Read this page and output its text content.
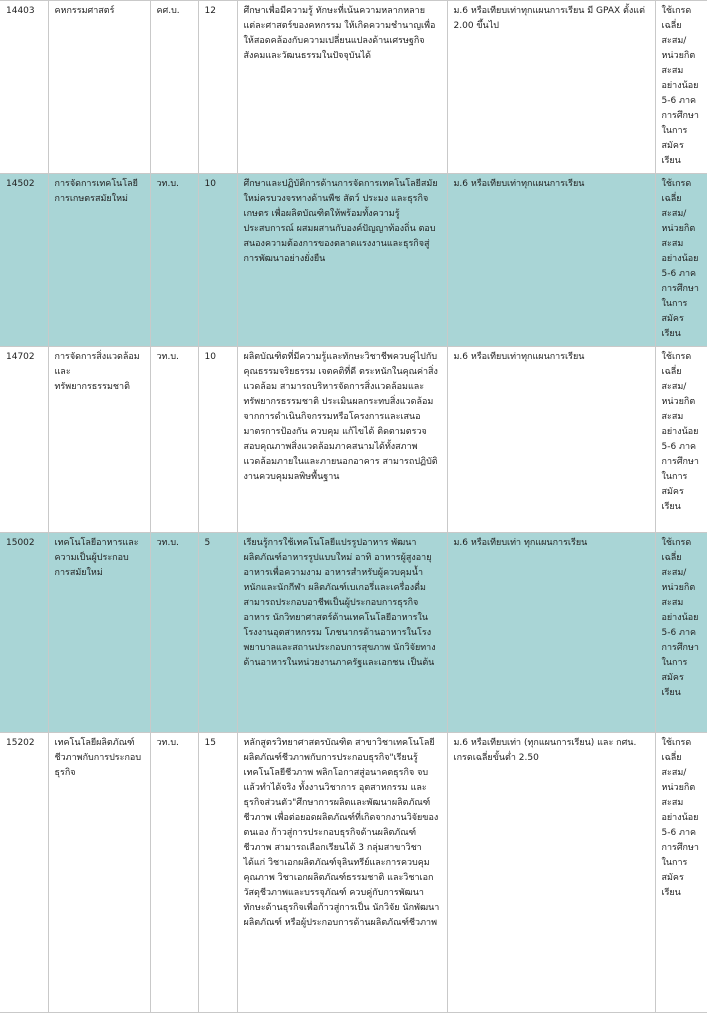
14403	คหกรรมศาสตร์	คศ.บ.	12	ศึกษาเพื่อมีความรู้ ทักษะที่เน้นความหลากหลายแต่ละศาสตร์ของคหกรรม ให้เกิดความชำนาญเพื่อให้สอดคล้องกับความเปลี่ยนแปลงด้านเศรษฐกิจ สังคมและวัฒนธรรมในปัจจุบันได้	ม.6 หรือเทียบเท่าทุกแผนการเรียน มี GPAX ตั้งแต่ 2.00 ขึ้นไป	ใช้เกรดเฉลี่ยสะสม/หน่วยกิตสะสม อย่างน้อย 5-6 ภาคการศึกษาในการสมัครเรียน
14502	การจัดการเทคโนโลยีการเกษตรสมัยใหม่	วท.บ.	10	ศึกษาและปฏิบัติการด้านการจัดการเทคโนโลยีสมัยใหม่ครบวงจรทางด้านพืช สัตว์ ประมง และธุรกิจเกษตร เพื่อผลิตบัณฑิตให้พร้อมทั้งความรู้ ประสบการณ์ ผสมผสานกับองค์ปัญญาท้องถิ่น ตอบสนองความต้องการของตลาดแรงงานและธุรกิจสู่การพัฒนาอย่างยั่งยืน	ม.6 หรือเทียบเท่าทุกแผนการเรียน	ใช้เกรดเฉลี่ยสะสม/หน่วยกิตสะสม อย่างน้อย 5-6 ภาคการศึกษาในการสมัครเรียน
14702	การจัดการสิ่งแวดล้อมและทรัพยากรธรรมชาติ	วท.บ.	10	ผลิตบัณฑิตที่มีความรู้และทักษะวิชาชีพควบคู่ไปกับคุณธรรมจริยธรรม เจตคติที่ดี ตระหนักในคุณค่าสิ่งแวดล้อม สามารถบริหารจัดการสิ่งแวดล้อมและทรัพยากรธรรมชาติ ประเมินผลกระทบสิ่งแวดล้อมจากการดำเนินกิจกรรมหรือโครงการและเสนอมาตรการป้องกัน ควบคุม แก้ไขได้ ติดตามตรวจสอบคุณภาพสิ่งแวดล้อมภาคสนามได้ทั้งสภาพแวดล้อมภายในและภายนอกอาคาร สามารถปฏิบัติงานควบคุมมลพิษพื้นฐาน	ม.6 หรือเทียบเท่าทุกแผนการเรียน	ใช้เกรดเฉลี่ยสะสม/หน่วยกิตสะสม อย่างน้อย 5-6 ภาคการศึกษาในการสมัครเรียน
15002	เทคโนโลยีอาหารและความเป็นผู้ประกอบการสมัยใหม่	วท.บ.	5	เรียนรู้การใช้เทคโนโลยีแปรรูปอาหาร พัฒนาผลิตภัณฑ์อาหารรูปแบบใหม่ อาทิ อาหารผู้สูงอายุ อาหารเพื่อความงาม อาหารสำหรับผู้ควบคุมน้ำหนักและนักกีฬา ผลิตภัณฑ์เบเกอรี่และเครื่องดื่ม สามารถประกอบอาชีพเป็นผู้ประกอบการธุรกิจอาหาร นักวิทยาศาสตร์ด้านเทคโนโลยีอาหารในโรงงานอุตสาหกรรม โภชนากรด้านอาหารในโรงพยาบาลและสถานประกอบการสุขภาพ นักวิจัยทางด้านอาหารในหน่วยงานภาครัฐและเอกชน เป็นต้น	ม.6 หรือเทียบเท่า ทุกแผนการเรียน	ใช้เกรดเฉลี่ยสะสม/หน่วยกิตสะสม อย่างน้อย 5-6 ภาคการศึกษาในการสมัครเรียน
15202	เทคโนโลยีผลิตภัณฑ์ชีวภาพกับการประกอบธุรกิจ	วท.บ.	15	หลักสูตรวิทยาศาสตรบัณฑิต สาขาวิชาเทคโนโลยีผลิตภัณฑ์ชีวภาพกับการประกอบธุรกิจ"เรียนรู้เทคโนโลยีชีวภาพ พลิกโอกาสสู่อนาคตธุรกิจ จบแล้วทำได้จริง ทั้งงานวิชาการ อุตสาหกรรม และธุรกิจส่วนตัว"ศึกษาการผลิตและพัฒนาผลิตภัณฑ์ชีวภาพ เพื่อต่อยอดผลิตภัณฑ์ที่เกิดจากงานวิจัยของตนเอง ก้าวสู่การประกอบธุรกิจด้านผลิตภัณฑ์ชีวภาพ สามารถเลือกเรียนได้ 3 กลุ่มสาขาวิชา ได้แก่ วิชาเอกผลิตภัณฑ์จุลินทรีย์และการควบคุมคุณภาพ วิชาเอกผลิตภัณฑ์ธรรมชาติ และวิชาเอกวัสดุชีวภาพและบรรจุภัณฑ์ ควบคู่กับการพัฒนาทักษะด้านธุรกิจเพื่อก้าวสู่การเป็น นักวิจัย นักพัฒนาผลิตภัณฑ์ หรือผู้ประกอบการด้านผลิตภัณฑ์ชีวภาพ	ม.6 หรือเทียบเท่า (ทุกแผนการเรียน) และ กศน. เกรดเฉลี่ยขั้นต่ำ 2.50	ใช้เกรดเฉลี่ยสะสม/หน่วยกิตสะสม อย่างน้อย 5-6 ภาคการศึกษาในการสมัครเรียน
